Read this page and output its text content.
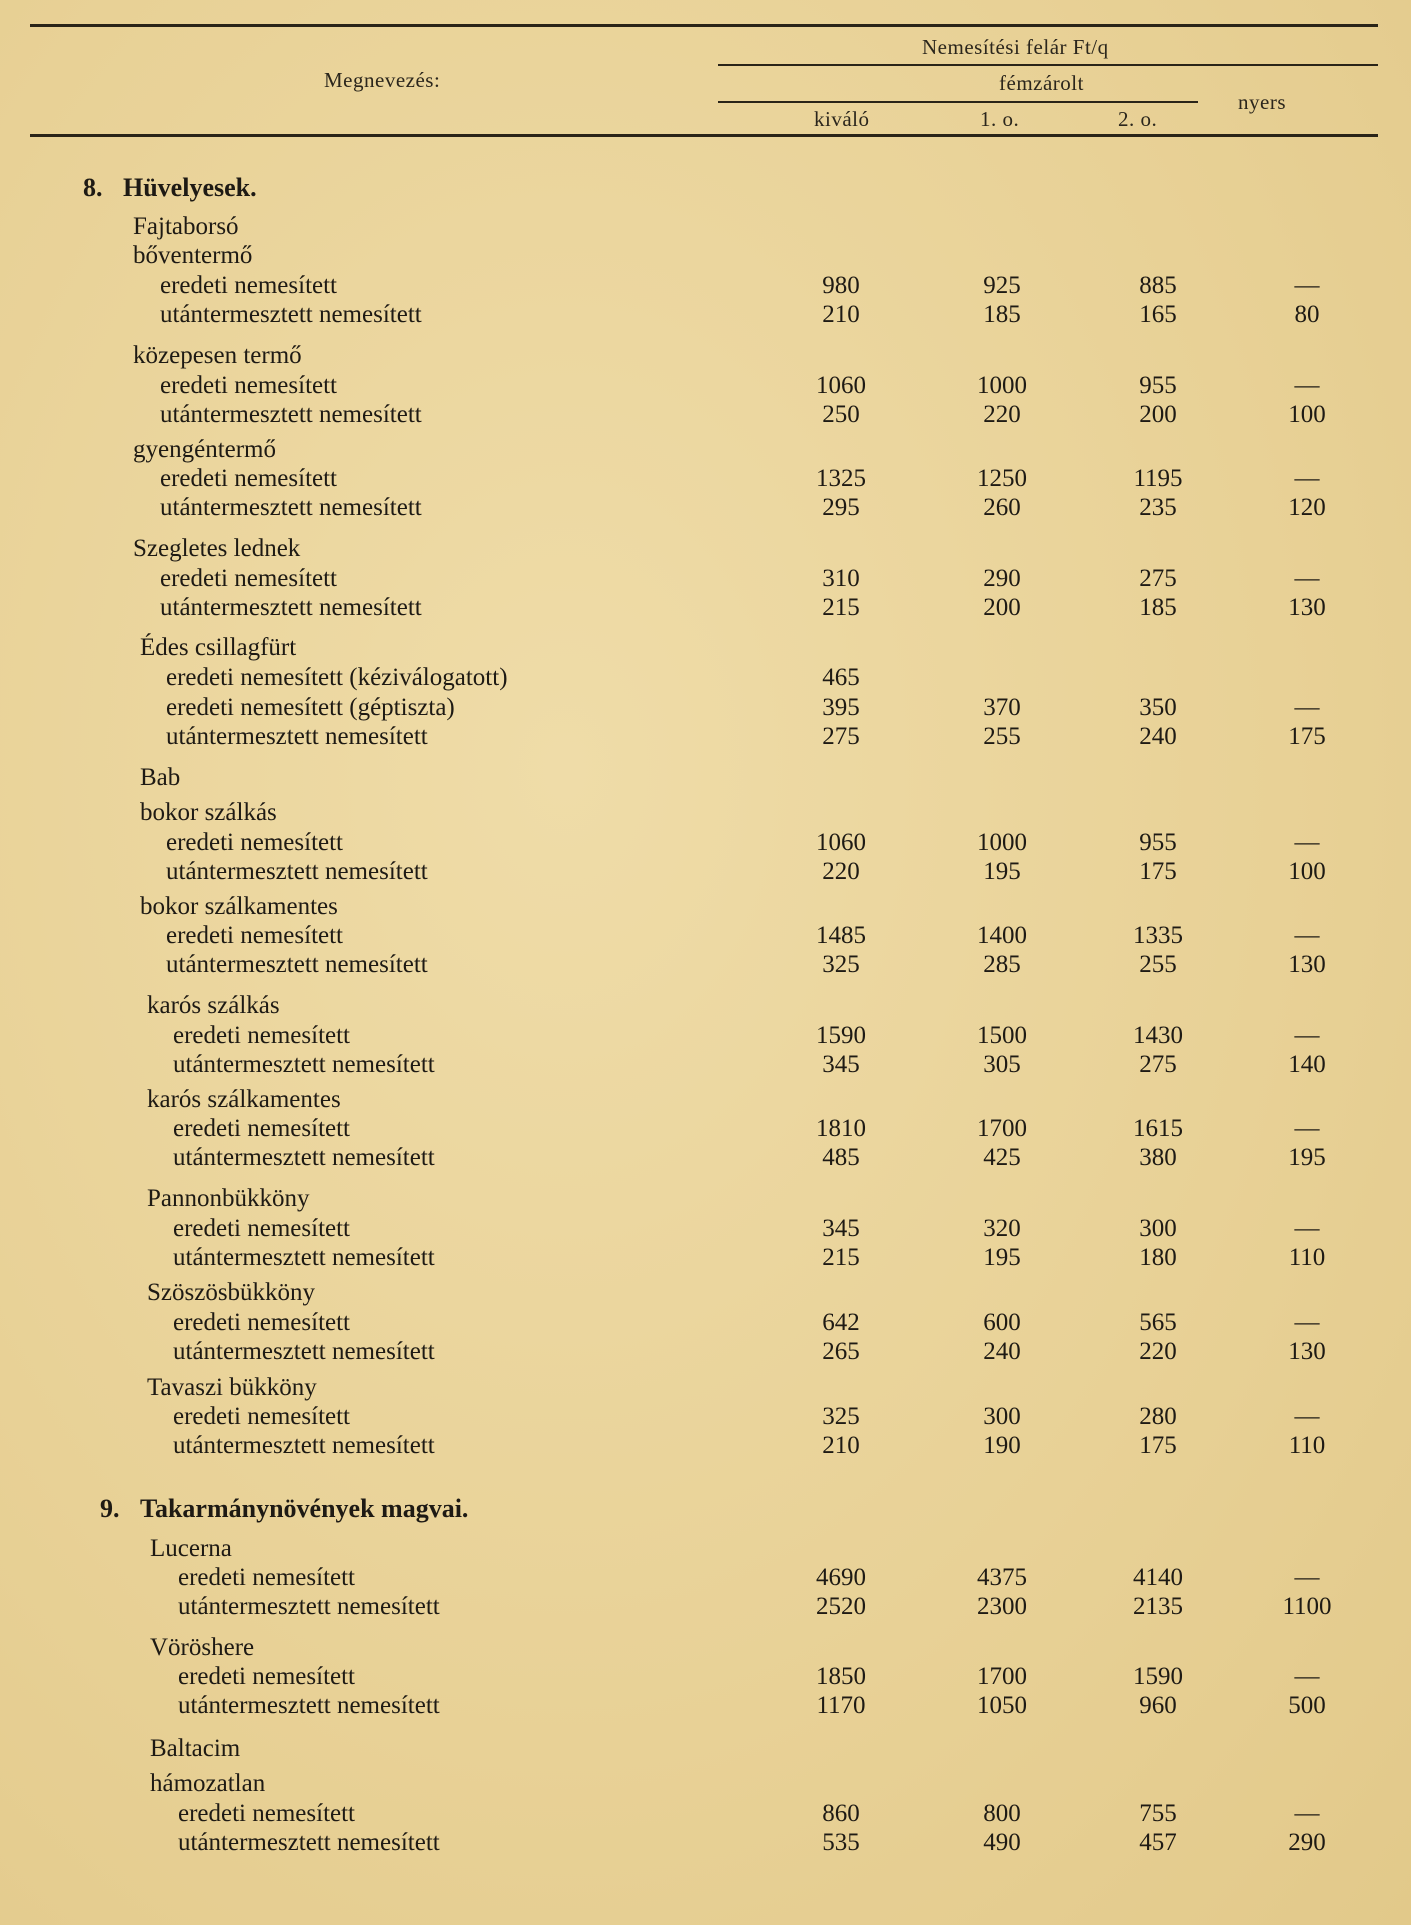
Megnevezés:
Nemesítési felár Ft/q
fémzárolt
kiváló	1. o.	2. o.
nyers
8. Hüvelyesek.
Fajtaborsó
bőventermő
eredeti nemesített	980	925	885	—
utántermesztett nemesített	210	185	165	80
közepesen termő
eredeti nemesített	1060	1000	955	—
utántermesztett nemesített	250	220	200	100
gyengéntermő
eredeti nemesített	1325	1250	1195	—
utántermesztett nemesített	295	260	235	120
Szegletes lednek
eredeti nemesített	310	290	275	—
utántermesztett nemesített	215	200	185	130
Édes csillagfürt
eredeti nemesített (kéziválogatott)	465
eredeti nemesített (géptiszta)	395	370	350	—
utántermesztett nemesített	275	255	240	175
Bab
bokor szálkás
eredeti nemesített	1060	1000	955	—
utántermesztett nemesített	220	195	175	100
bokor szálkamentes
eredeti nemesített	1485	1400	1335	—
utántermesztett nemesített	325	285	255	130
karós szálkás
eredeti nemesített	1590	1500	1430	—
utántermesztett nemesített	345	305	275	140
karós szálkamentes
eredeti nemesített	1810	1700	1615	—
utántermesztett nemesített	485	425	380	195
Pannonbükköny
eredeti nemesített	345	320	300	—
utántermesztett nemesített	215	195	180	110
Szöszösbükköny
eredeti nemesített	642	600	565	—
utántermesztett nemesített	265	240	220	130
Tavaszi bükköny
eredeti nemesített	325	300	280	—
utántermesztett nemesített	210	190	175	110
9. Takarmánynövények magvai.
Lucerna
eredeti nemesített	4690	4375	4140	—
utántermesztett nemesített	2520	2300	2135	1100
Vöröshere
eredeti nemesített	1850	1700	1590	—
utántermesztett nemesített	1170	1050	960	500
Baltacim
hámozatlan
eredeti nemesített	860	800	755	—
utántermesztett nemesített	535	490	457	290
